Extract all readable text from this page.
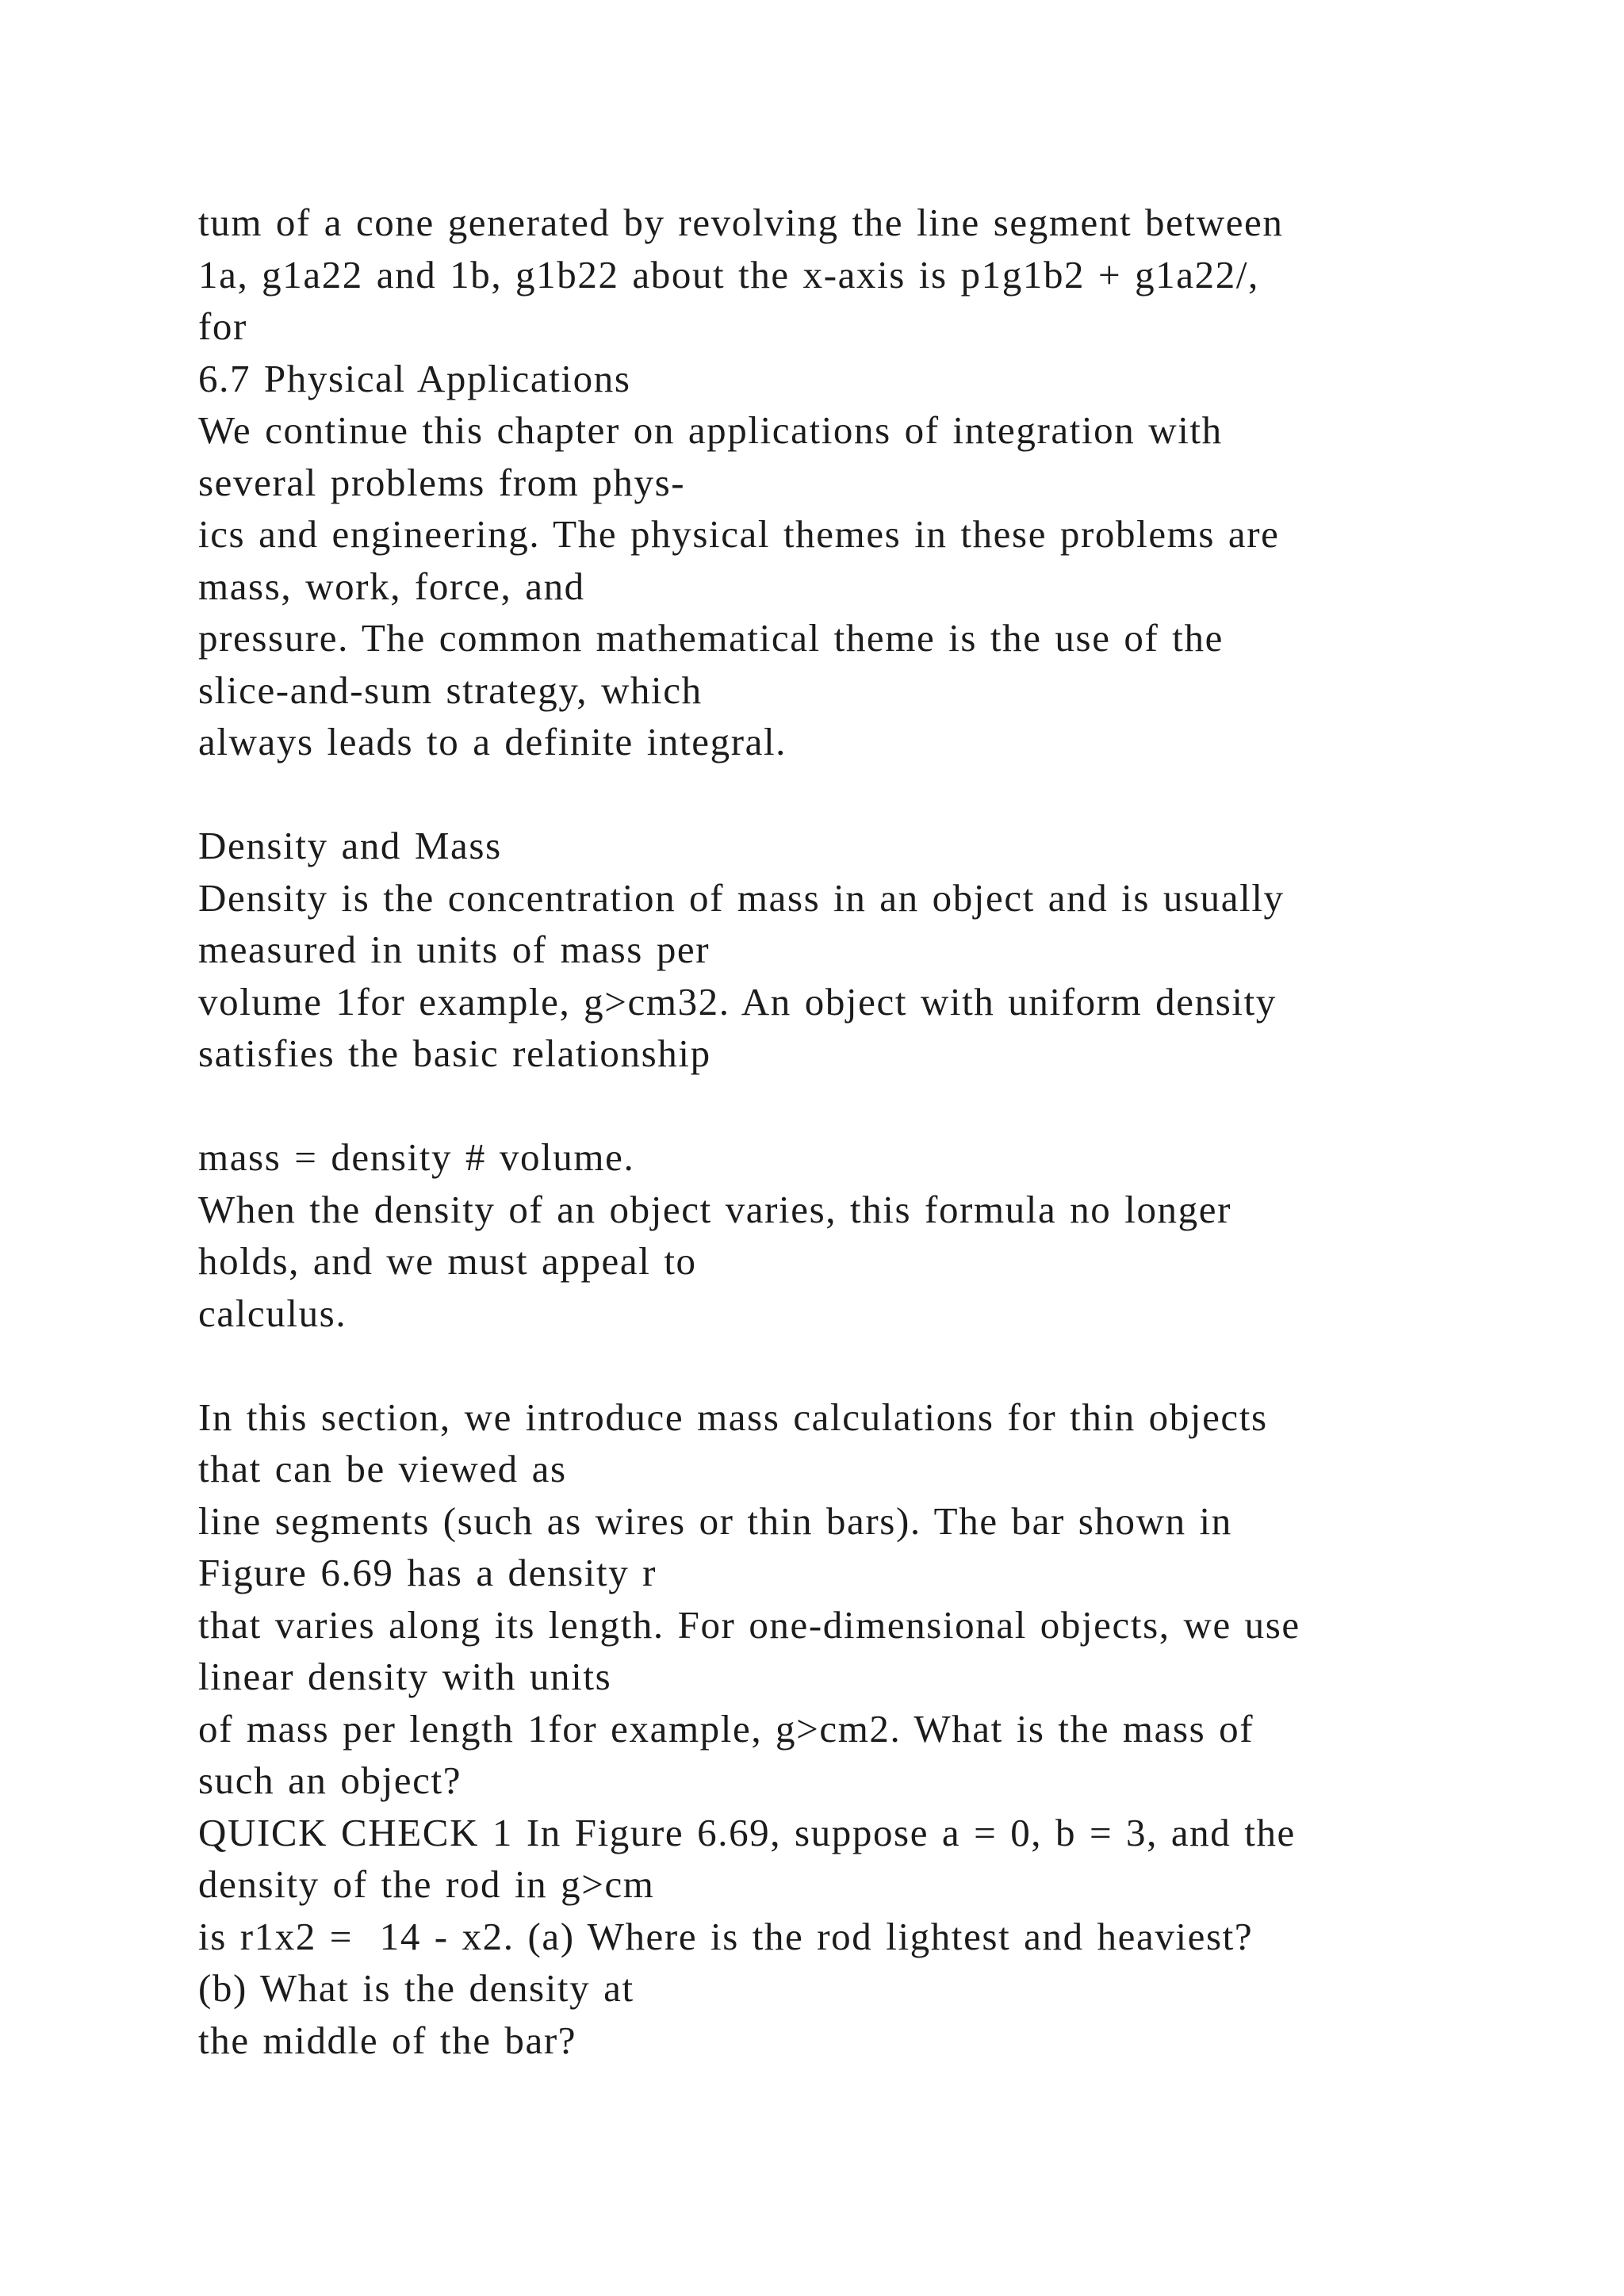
tum of a cone generated by revolving the line segment between
1a, g1a22 and 1b, g1b22 about the x-axis is p1g1b2 + g1a22/,
for
6.7 Physical Applications
We continue this chapter on applications of integration with
several problems from phys-
ics and engineering. The physical themes in these problems are
mass, work, force, and
pressure. The common mathematical theme is the use of the
slice-and-sum strategy, which
always leads to a definite integral.
Density and Mass
Density is the concentration of mass in an object and is usually
measured in units of mass per
volume 1for example, g>cm32. An object with uniform density
satisfies the basic relationship
mass = density # volume.
When the density of an object varies, this formula no longer
holds, and we must appeal to
calculus.
In this section, we introduce mass calculations for thin objects
that can be viewed as
line segments (such as wires or thin bars). The bar shown in
Figure 6.69 has a density r
that varies along its length. For one-dimensional objects, we use
linear density with units
of mass per length 1for example, g>cm2. What is the mass of
such an object?
QUICK CHECK 1 In Figure 6.69, suppose a = 0, b = 3, and the
density of the rod in g>cm
is r1x2 =  14 - x2. (a) Where is the rod lightest and heaviest?
(b) What is the density at
the middle of the bar?
